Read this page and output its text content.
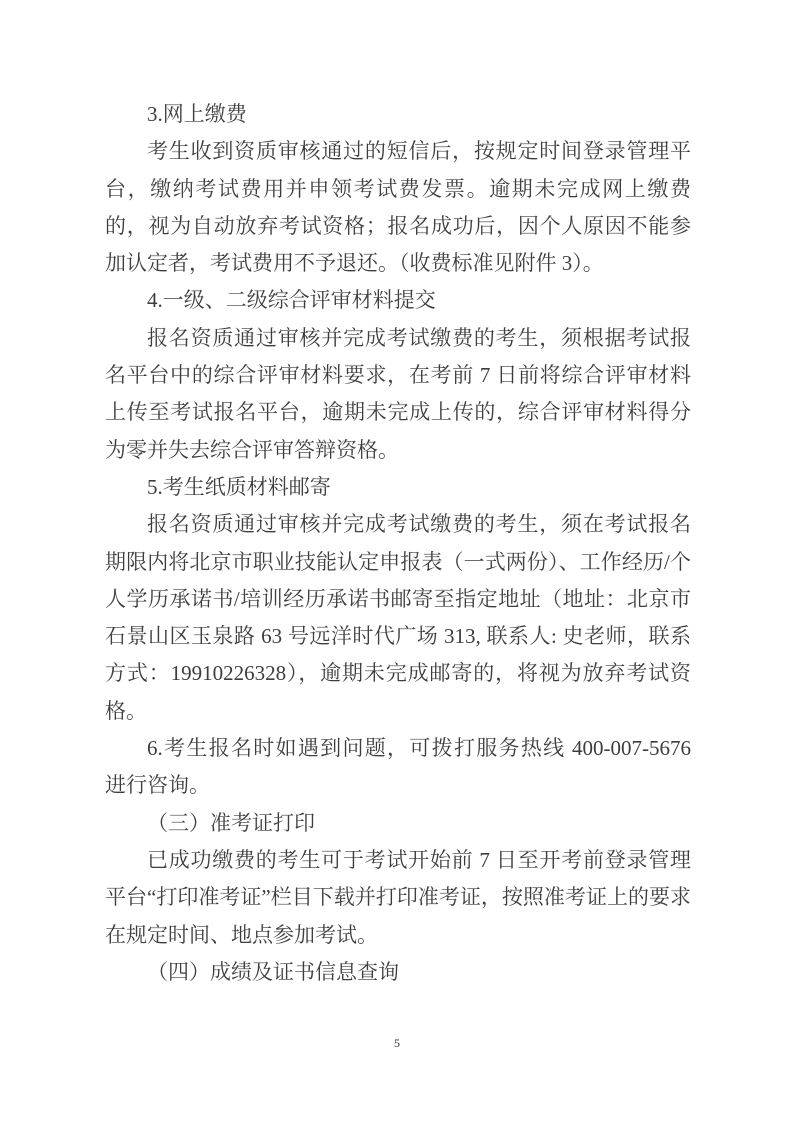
3.网上缴费

考生收到资质审核通过的短信后，按规定时间登录管理平台，缴纳考试费用并申领考试费发票。逾期未完成网上缴费的，视为自动放弃考试资格；报名成功后，因个人原因不能参加认定者，考试费用不予退还。（收费标准见附件 3）。

4.一级、二级综合评审材料提交

报名资质通过审核并完成考试缴费的考生，须根据考试报名平台中的综合评审材料要求，在考前 7 日前将综合评审材料上传至考试报名平台，逾期未完成上传的，综合评审材料得分为零并失去综合评审答辩资格。

5.考生纸质材料邮寄

报名资质通过审核并完成考试缴费的考生，须在考试报名期限内将北京市职业技能认定申报表（一式两份）、工作经历/个人学历承诺书/培训经历承诺书邮寄至指定地址（地址：北京市石景山区玉泉路 63 号远洋时代广场 313, 联系人: 史老师，联系方式：19910226328），逾期未完成邮寄的，将视为放弃考试资格。

6.考生报名时如遇到问题，可拨打服务热线 400-007-5676 进行咨询。

（三）准考证打印

已成功缴费的考生可于考试开始前 7 日至开考前登录管理平台“打印准考证”栏目下载并打印准考证，按照准考证上的要求在规定时间、地点参加考试。

（四）成绩及证书信息查询

5
